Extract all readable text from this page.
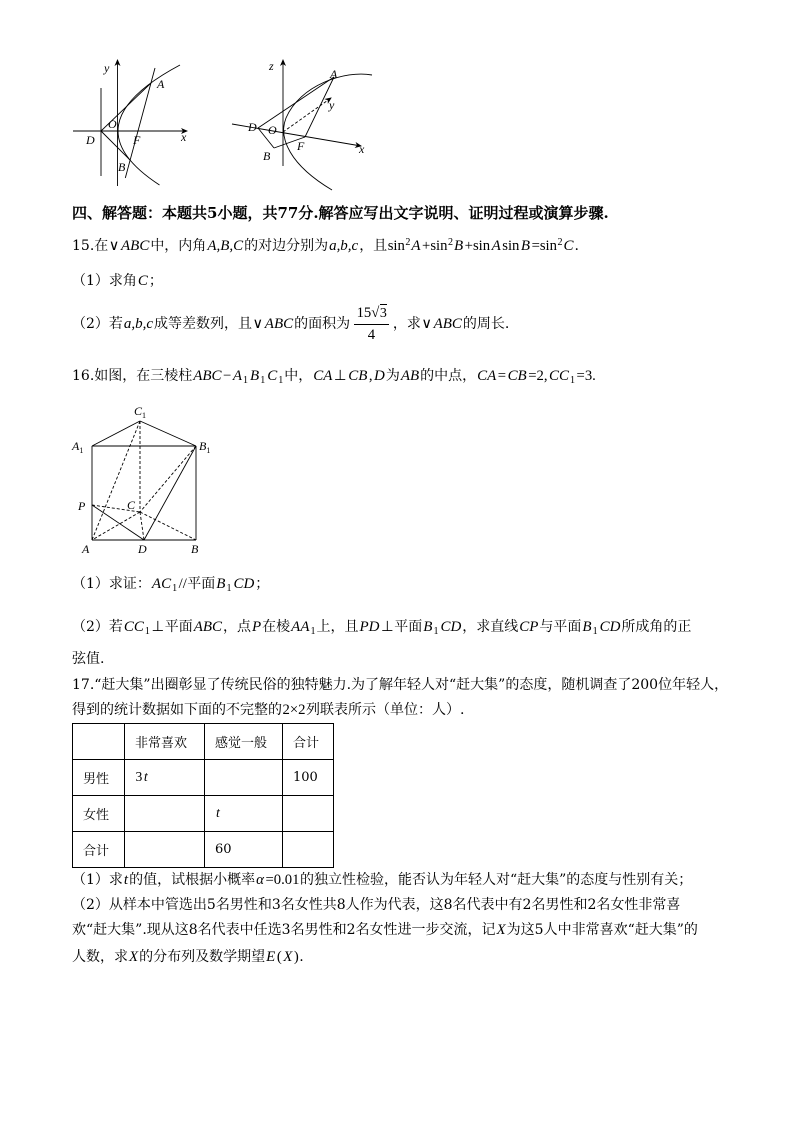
y
O
D	F	x
A
B
z
A
y
D O
B
F	x
四、解答题：本题共5小题，共77分.解答应写出文字说明、证明过程或演算步骤.
15.在∨ ABC中，内角A,B,C的对边分别为a,b,c，且$\sin^2A +\sin^2B +\sin$ A $\sin B =\sin^2C$.
（1）求角C；
（2）若a,b,c成等差数列，且∨ ABC的面积为 $\frac{15√3}{4}$ ，求∨ ABC的周长.
16.如图，在三棱柱ABC − $A_1$ $B_1$ $C_1$中，CA ⊥ CB , D为AB的中点，CA = CB =2, $CC_1 =3$.
$C_1$
$A_1$	$B_1$
P	C
A	D	B
（1）求证：$AC_1$ //平面$B_1$ CD；
（2）若$CC_1$ ⊥平面ABC，点P在棱$AA_1$上，且PD ⊥平面$B_1$ CD，求直线CP与平面$B_1$ CD所成角的正
弦值.
17.“赶大集”出圈彰显了传统民俗的独特魅力.为了解年轻人对“赶大集”的态度，随机调查了200位年轻人，
得到的统计数据如下面的不完整的2×2列联表所示（单位：人）.
	非常喜欢	感觉一般	合计
男性	3 t		100
女性		t	
合计		60	
（1）求t的值，试根据小概率α =0.01的独立性检验，能否认为年轻人对“赶大集”的态度与性别有关；
（2）从样本中管选出5名男性和3名女性共8人作为代表，这8名代表中有2名男性和2名女性非常喜
欢“赶大集”.现从这8名代表中任选3名男性和2名女性进一步交流，记X为这5人中非常喜欢“赶大集”的
人数，求X的分布列及数学期望E ( X ).
